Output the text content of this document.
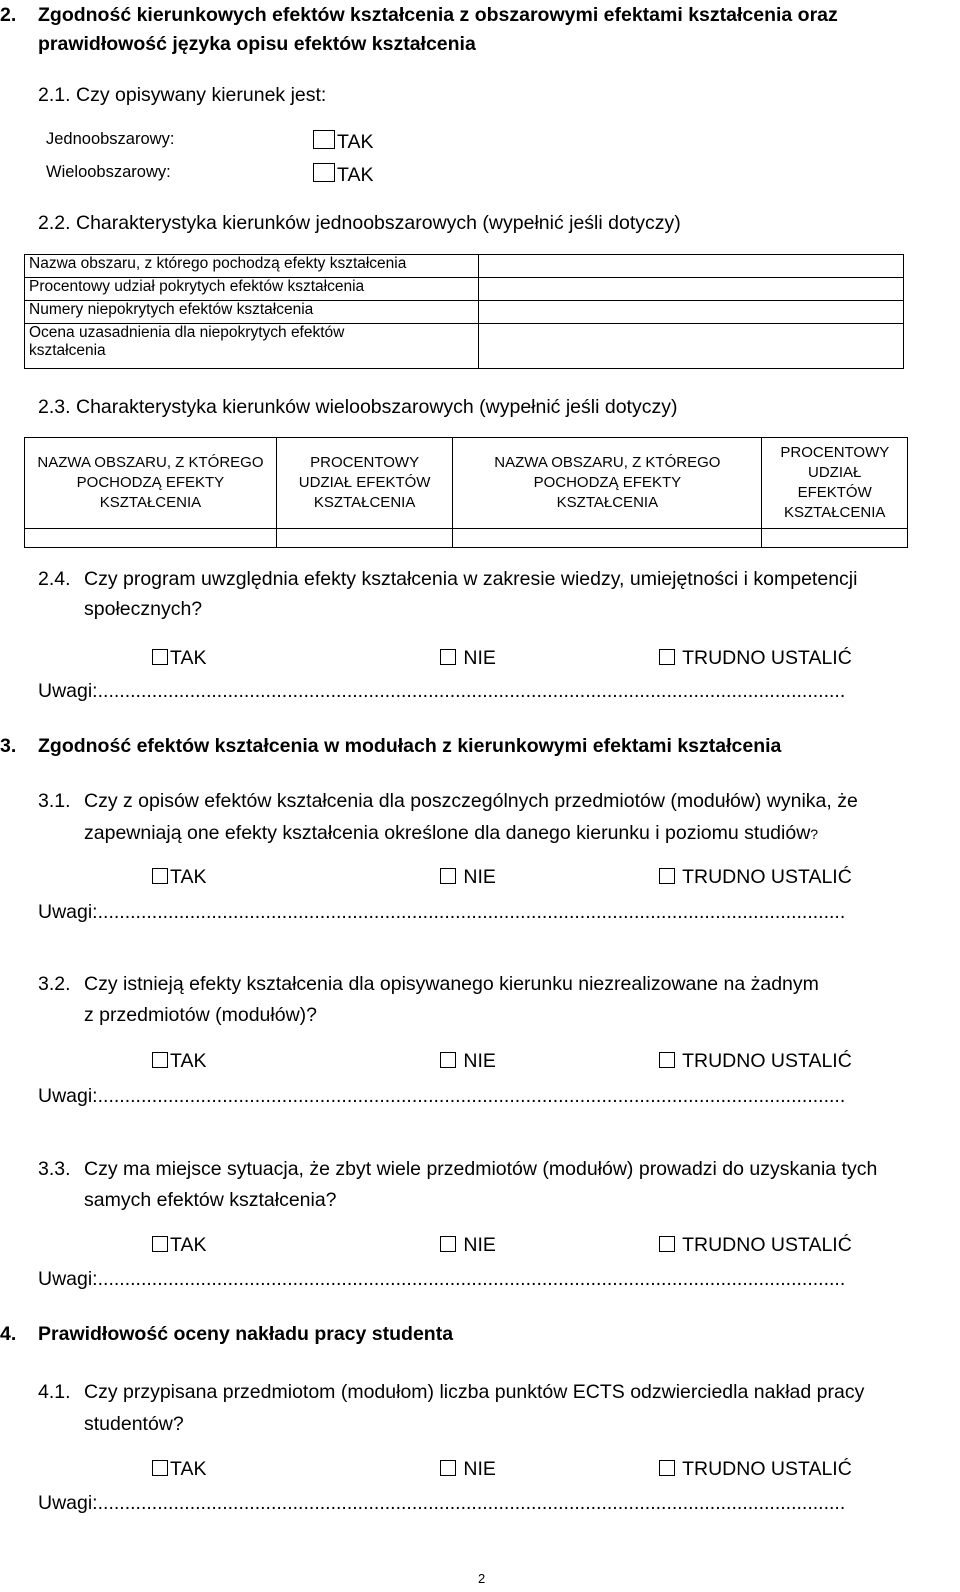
2. Zgodność kierunkowych efektów kształcenia z obszarowymi efektami kształcenia oraz
prawidłowość języka opisu efektów kształcenia
2.1. Czy opisywany kierunek jest:
Jednoobszarowy:	TAK
Wieloobszarowy:	TAK
2.2. Charakterystyka kierunków jednoobszarowych (wypełnić jeśli dotyczy)
Nazwa obszaru, z którego pochodzą efekty kształcenia	
Procentowy udział pokrytych efektów kształcenia	
Numery niepokrytych efektów kształcenia	
Ocena uzasadnienia dla niepokrytych efektów kształcenia	
2.3. Charakterystyka kierunków wieloobszarowych (wypełnić jeśli dotyczy)
NAZWA OBSZARU, Z KTÓREGO POCHODZĄ EFEKTY KSZTAŁCENIA	PROCENTOWY UDZIAŁ EFEKTÓW KSZTAŁCENIA	NAZWA OBSZARU, Z KTÓREGO POCHODZĄ EFEKTY KSZTAŁCENIA	PROCENTOWY UDZIAŁ EFEKTÓW KSZTAŁCENIA

2.4. Czy program uwzględnia efekty kształcenia w zakresie wiedzy, umiejętności i kompetencji
społecznych?
TAK	NIE	TRUDNO USTALIĆ
Uwagi:..........................................................................................................................................
3. Zgodność efektów kształcenia w modułach z kierunkowymi efektami kształcenia
3.1. Czy z opisów efektów kształcenia dla poszczególnych przedmiotów (modułów) wynika, że
zapewniają one efekty kształcenia określone dla danego kierunku i poziomu studiów?
TAK	NIE	TRUDNO USTALIĆ
Uwagi:..........................................................................................................................................
3.2. Czy istnieją efekty kształcenia dla opisywanego kierunku niezrealizowane na żadnym
z przedmiotów (modułów)?
TAK	NIE	TRUDNO USTALIĆ
Uwagi:..........................................................................................................................................
3.3. Czy ma miejsce sytuacja, że zbyt wiele przedmiotów (modułów) prowadzi do uzyskania tych
samych efektów kształcenia?
TAK	NIE	TRUDNO USTALIĆ
Uwagi:..........................................................................................................................................
4. Prawidłowość oceny nakładu pracy studenta
4.1. Czy przypisana przedmiotom (modułom) liczba punktów ECTS odzwierciedla nakład pracy
studentów?
TAK	NIE	TRUDNO USTALIĆ
Uwagi:..........................................................................................................................................
2
